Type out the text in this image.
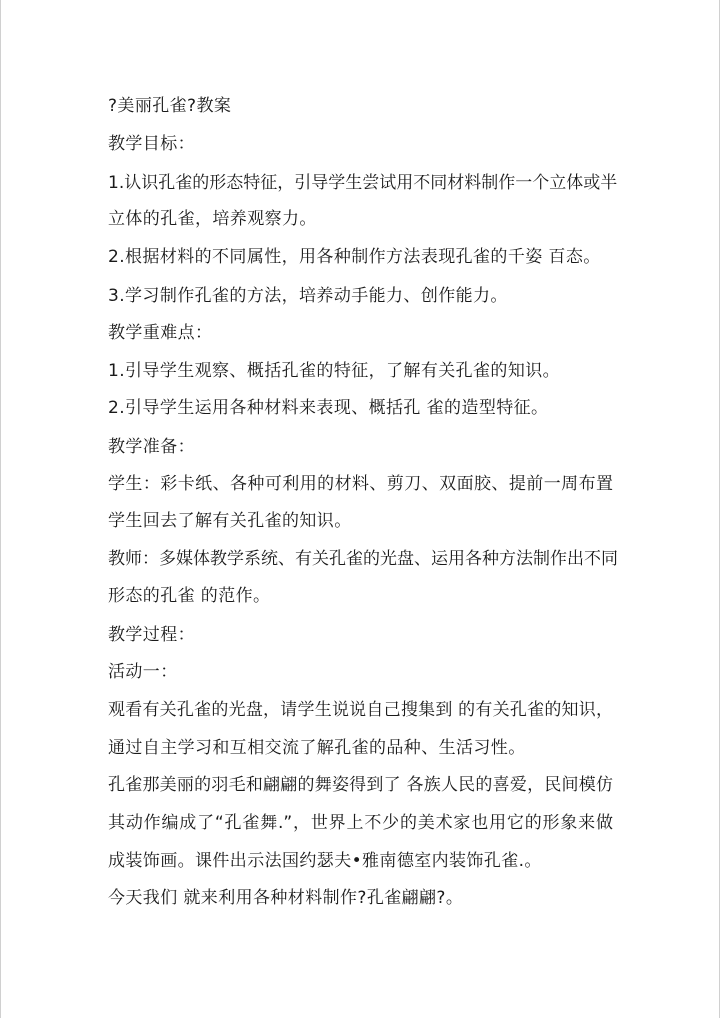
?美丽孔雀?教案
教学目标：
1.认识孔雀的形态特征，引导学生尝试用不同材料制作一个立体或半
立体的孔雀，培养观察力。
2.根据材料的不同属性，用各种制作方法表现孔雀的千姿 百态。
3.学习制作孔雀的方法，培养动手能力、创作能力。
教学重难点：
1.引导学生观察、概括孔雀的特征，了解有关孔雀的知识。
2.引导学生运用各种材料来表现、概括孔 雀的造型特征。
教学准备：
学生：彩卡纸、各种可利用的材料、剪刀、双面胶、提前一周布置
学生回去了解有关孔雀的知识。
教师：多媒体教学系统、有关孔雀的光盘、运用各种方法制作出不同
形态的孔雀 的范作。
教学过程：
活动一：
观看有关孔雀的光盘，请学生说说自己搜集到 的有关孔雀的知识，
通过自主学习和互相交流了解孔雀的品种、生活习性。
孔雀那美丽的羽毛和翩翩的舞姿得到了 各族人民的喜爱，民间模仿
其动作编成了“孔雀舞.”，世界上不少的美术家也用它的形象来做
成装饰画。课件出示法国约瑟夫•雅南德室内装饰孔雀.。
今天我们 就来利用各种材料制作?孔雀翩翩?。
